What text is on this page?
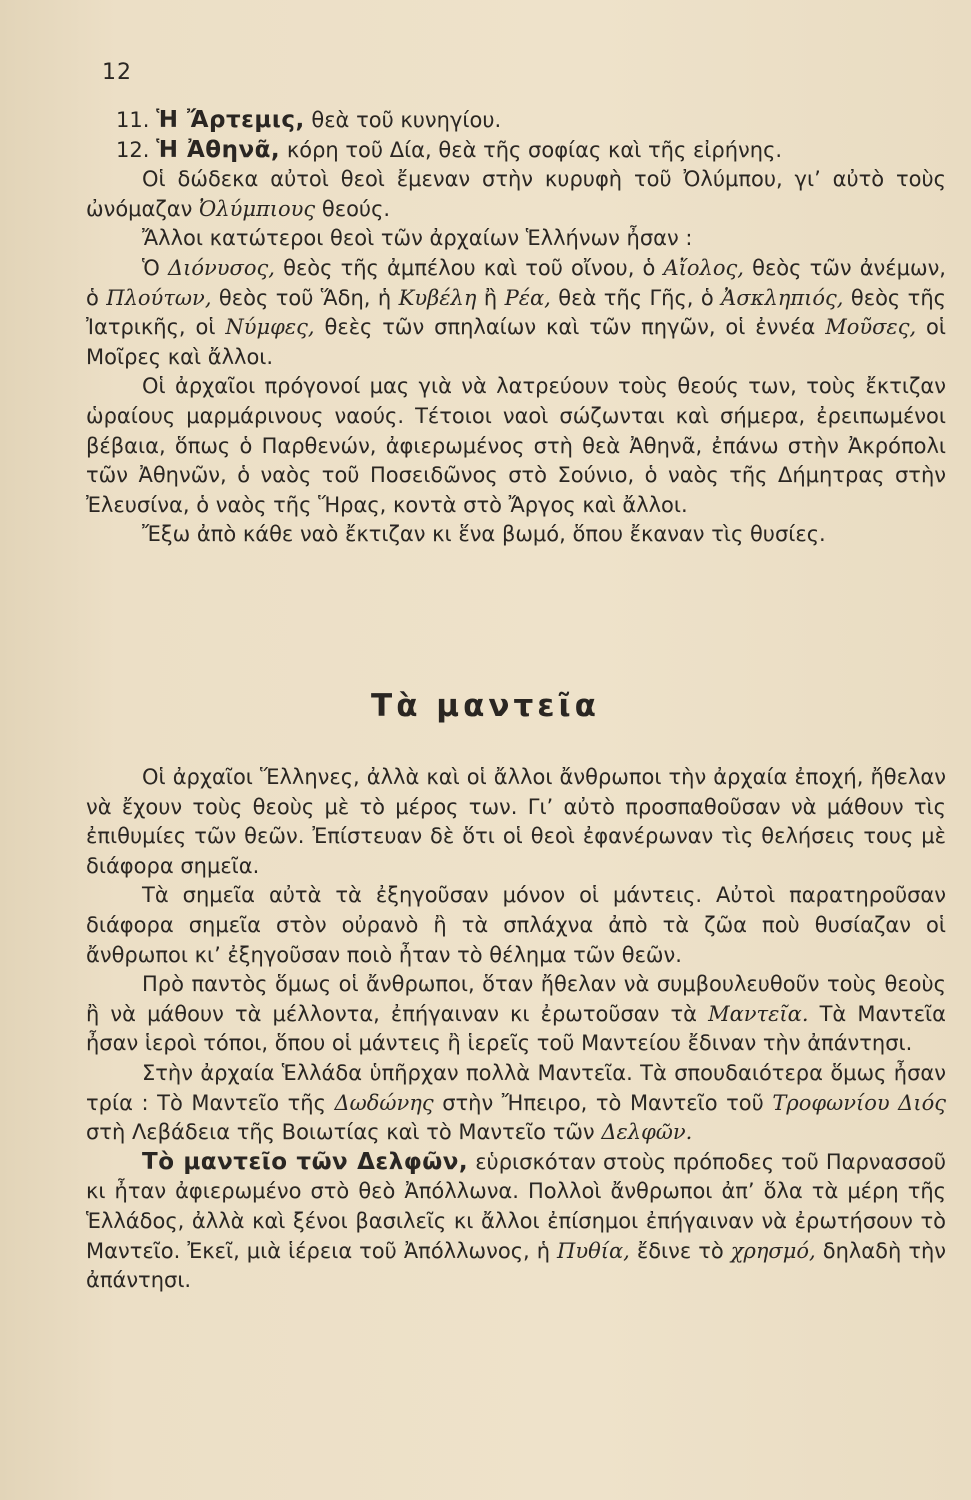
12

11. Ἡ Ἄρτεμις, θεὰ τοῦ κυνηγίου.

12. Ἡ Ἀθηνᾶ, κόρη τοῦ Δία, θεὰ τῆς σοφίας καὶ τῆς εἰρήνης.

Οἱ δώδεκα αὐτοὶ θεοὶ ἔμεναν στὴν κυρυφὴ τοῦ Ὀλύμπου, γι’ αὐτὸ τοὺς ὠνόμαζαν Ὀλύμπιους θεούς.

Ἄλλοι κατώτεροι θεοὶ τῶν ἀρχαίων Ἑλλήνων ἦσαν :

Ὁ Διόνυσος, θεὸς τῆς ἀμπέλου καὶ τοῦ οἴνου, ὁ Αἴολος, θεὸς τῶν ἀνέμων, ὁ Πλούτων, θεὸς τοῦ Ἅδη, ἡ Κυβέλη ἢ Ρέα, θεὰ τῆς Γῆς, ὁ Ἀσκληπιός, θεὸς τῆς Ἰατρικῆς, οἱ Νύμφες, θεὲς τῶν σπηλαίων καὶ τῶν πηγῶν, οἱ ἐννέα Μοῦσες, οἱ Μοῖρες καὶ ἄλλοι.

Οἱ ἀρχαῖοι πρόγονοί μας γιὰ νὰ λατρεύουν τοὺς θεούς των, τοὺς ἔκτιζαν ὡραίους μαρμάρινους ναούς. Τέτοιοι ναοὶ σώζωνται καὶ σήμερα, ἐρειπωμένοι βέβαια, ὅπως ὁ Παρθενών, ἀφιερωμένος στὴ θεὰ Ἀθηνᾶ, ἐπάνω στὴν Ἀκρόπολι τῶν Ἀθηνῶν, ὁ ναὸς τοῦ Ποσειδῶνος στὸ Σούνιο, ὁ ναὸς τῆς Δήμητρας στὴν Ἐλευσίνα, ὁ ναὸς τῆς Ἥρας, κοντὰ στὸ Ἄργος καὶ ἄλλοι.

Ἔξω ἀπὸ κάθε ναὸ ἔκτιζαν κι ἕνα βωμό, ὅπου ἔκαναν τὶς θυσίες.

Τὰ μαντεῖα

Οἱ ἀρχαῖοι Ἕλληνες, ἀλλὰ καὶ οἱ ἄλλοι ἄνθρωποι τὴν ἀρχαία ἐποχή, ἤθελαν νὰ ἔχουν τοὺς θεοὺς μὲ τὸ μέρος των. Γι’ αὐτὸ προσπαθοῦσαν νὰ μάθουν τὶς ἐπιθυμίες τῶν θεῶν. Ἐπίστευαν δὲ ὅτι οἱ θεοὶ ἐφανέρωναν τὶς θελήσεις τους μὲ διάφορα σημεῖα.

Τὰ σημεῖα αὐτὰ τὰ ἐξηγοῦσαν μόνον οἱ μάντεις. Αὐτοὶ παρατηροῦσαν διάφορα σημεῖα στὸν οὐρανὸ ἢ τὰ σπλάχνα ἀπὸ τὰ ζῶα ποὺ θυσίαζαν οἱ ἄνθρωποι κι’ ἐξηγοῦσαν ποιὸ ἦταν τὸ θέλημα τῶν θεῶν.

Πρὸ παντὸς ὅμως οἱ ἄνθρωποι, ὅταν ἤθελαν νὰ συμβουλευθοῦν τοὺς θεοὺς ἢ νὰ μάθουν τὰ μέλλοντα, ἐπήγαιναν κι ἐρωτοῦσαν τὰ Μαντεῖα. Τὰ Μαντεῖα ἦσαν ἱεροὶ τόποι, ὅπου οἱ μάντεις ἢ ἱερεῖς τοῦ Μαντείου ἔδιναν τὴν ἀπάντησι.

Στὴν ἀρχαία Ἑλλάδα ὑπῆρχαν πολλὰ Μαντεῖα. Τὰ σπουδαιότερα ὅμως ἦσαν τρία : Τὸ Μαντεῖο τῆς Δωδώνης στὴν Ἤπειρο, τὸ Μαντεῖο τοῦ Τροφωνίου Διός στὴ Λεβάδεια τῆς Βοιωτίας καὶ τὸ Μαντεῖο τῶν Δελφῶν.

Τὸ μαντεῖο τῶν Δελφῶν, εὑρισκόταν στοὺς πρόποδες τοῦ Παρνασσοῦ κι ἦταν ἀφιερωμένο στὸ θεὸ Ἀπόλλωνα. Πολλοὶ ἄνθρωποι ἀπ’ ὅλα τὰ μέρη τῆς Ἑλλάδος, ἀλλὰ καὶ ξένοι βασιλεῖς κι ἄλλοι ἐπίσημοι ἐπήγαιναν νὰ ἐρωτήσουν τὸ Μαντεῖο. Ἐκεῖ, μιὰ ἱέρεια τοῦ Ἀπόλλωνος, ἡ Πυθία, ἔδινε τὸ χρησμό, δηλαδὴ τὴν ἀπάντησι.
